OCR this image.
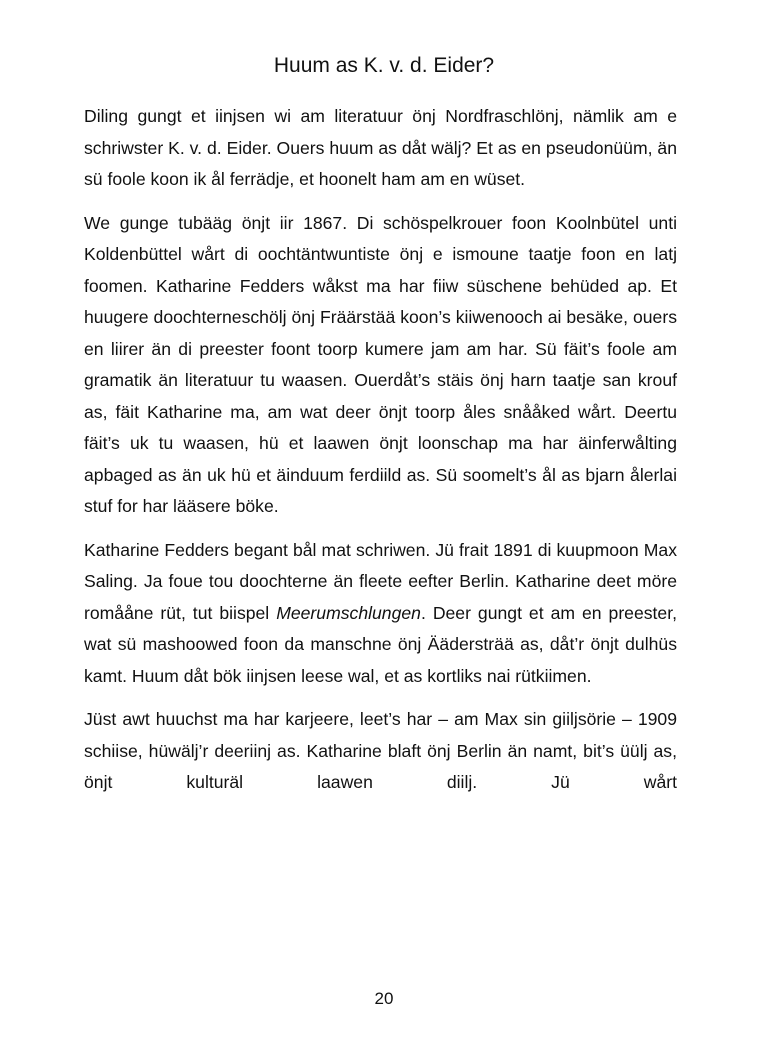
Huum as K. v. d. Eider?

Diling gungt et iinjsen wi am literatuur önj Nordfraschlönj, nämlik am e schriwster K. v. d. Eider. Ouers huum as dåt wälj? Et as en pseudonüüm, än sü foole koon ik ål ferrädje, et hoonelt ham am en wüset.

We gunge tubääg önjt iir 1867. Di schöspelkrouer foon Koolnbütel unti Koldenbüttel wårt di oochtäntwuntiste önj e ismoune taatje foon en latj foomen. Katharine Fedders wåkst ma har fiiw süschene behüded ap. Et huugere doochterneschölj önj Fräärstää koon’s kiiwenooch ai besäke, ouers en liirer än di preester foont toorp kumere jam am har. Sü fäit’s foole am gramatik än literatuur tu waasen. Ouerdåt’s stäis önj harn taatje san krouf as, fäit Katharine ma, am wat deer önjt toorp åles snååked wårt. Deertu fäit’s uk tu waasen, hü et laawen önjt loonschap ma har äinferwålting apbaged as än uk hü et äinduum ferdiild as. Sü soomelt’s ål as bjarn ålerlai stuf for har lääsere böke.

Katharine Fedders begant bål mat schriwen. Jü frait 1891 di kuupmoon Max Saling. Ja foue tou doochterne än fleete eefter Berlin. Katharine deet möre romååne rüt, tut biispel Meerumschlungen. Deer gungt et am en preester, wat sü mashoowed foon da manschne önj Äädersträä as, dåt’r önjt dulhüs kamt. Huum dåt bök iinjsen leese wal, et as kortliks nai rütkiimen.

Jüst awt huuchst ma har karjeere, leet’s har – am Max sin giiljsörie – 1909 schiise, hüwälj’r deeriinj as. Katharine blaft önj Berlin än namt, bit’s üülj as, önjt kulturäl laawen diilj. Jü wårt

20
